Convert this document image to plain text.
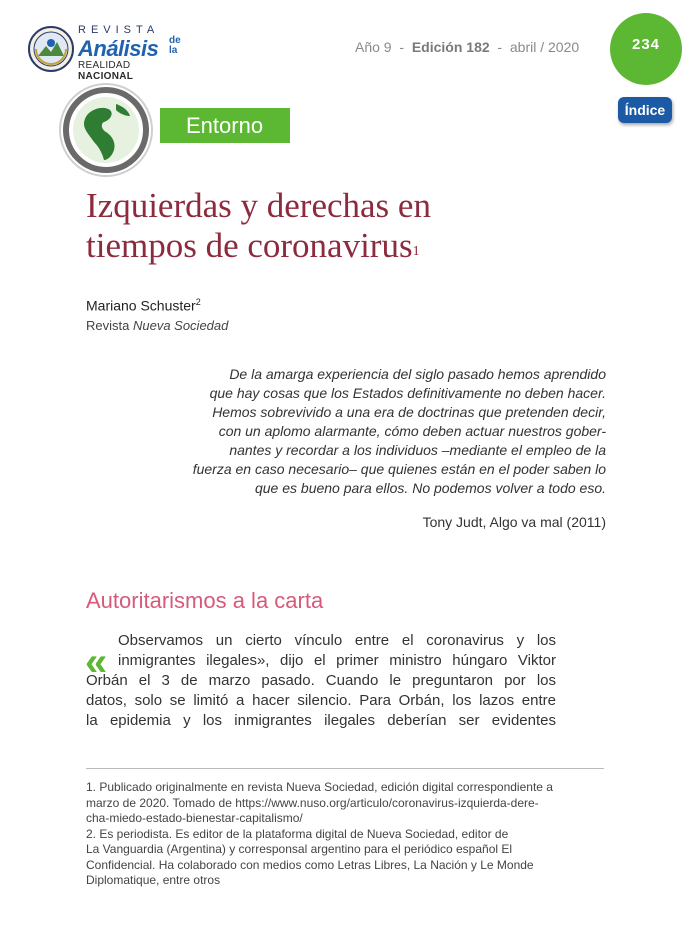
REVISTA
Análisis de la
REALIDAD NACIONAL
Año 9 - Edición 182 - abril / 2020	234
Índice
Entorno
Izquierdas y derechas en
tiempos de coronavirus$^1$
Mariano Schuster$^2$
Revista Nueva Sociedad
De la amarga experiencia del siglo pasado hemos aprendido
que hay cosas que los Estados definitivamente no deben hacer.
Hemos sobrevivido a una era de doctrinas que pretenden decir,
con un aplomo alarmante, cómo deben actuar nuestros gober-
nantes y recordar a los individuos –mediante el empleo de la
fuerza en caso necesario– que quienes están en el poder saben lo
que es bueno para ellos. No podemos volver a todo eso.
Tony Judt, Algo va mal (2011)
Autoritarismos a la carta
« Observamos un cierto vínculo entre el coronavirus y los
inmigrantes ilegales», dijo el primer ministro húngaro Viktor
Orbán el 3 de marzo pasado. Cuando le preguntaron por los
datos, solo se limitó a hacer silencio. Para Orbán, los lazos entre
la epidemia y los inmigrantes ilegales deberían ser evidentes

1. Publicado originalmente en revista Nueva Sociedad, edición digital correspondiente a

marzo de 2020. Tomado de https://www.nuso.org/articulo/coronavirus-izquierda-dere-

cha-miedo-estado-bienestar-capitalismo/

2. Es periodista. Es editor de la plataforma digital de Nueva Sociedad, editor de

La Vanguardia (Argentina) y corresponsal argentino para el periódico español El

Confidencial. Ha colaborado con medios como Letras Libres, La Nación y Le Monde

Diplomatique, entre otros
